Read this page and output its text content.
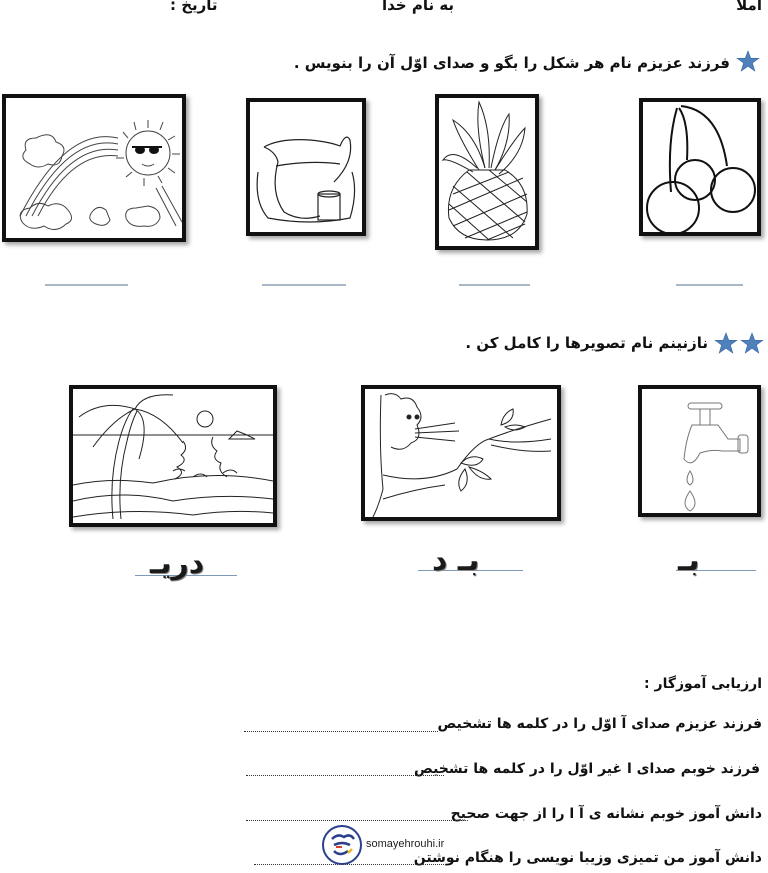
املا
به نام خدا
تاریخ :
فرزند عزیزم نام هر شکل را بگو و صدای اوّل آن را بنویس .
نازنینم نام تصویرها را کامل کن .
دریـ	بـ د	بـ
ارزیابی آموزگار :
فرزند عزیزم صدای آ اوّل را در کلمه ها تشخیص
فرزند خوبم صدای ا غیر اوّل را در کلمه ها تشخیص
دانش آموز خوبم نشانه ی آ ا را از جهت صحیح
دانش آموز من تمیزی وزیبا نویسی را هنگام نوشتن
somayehrouhi.ir
